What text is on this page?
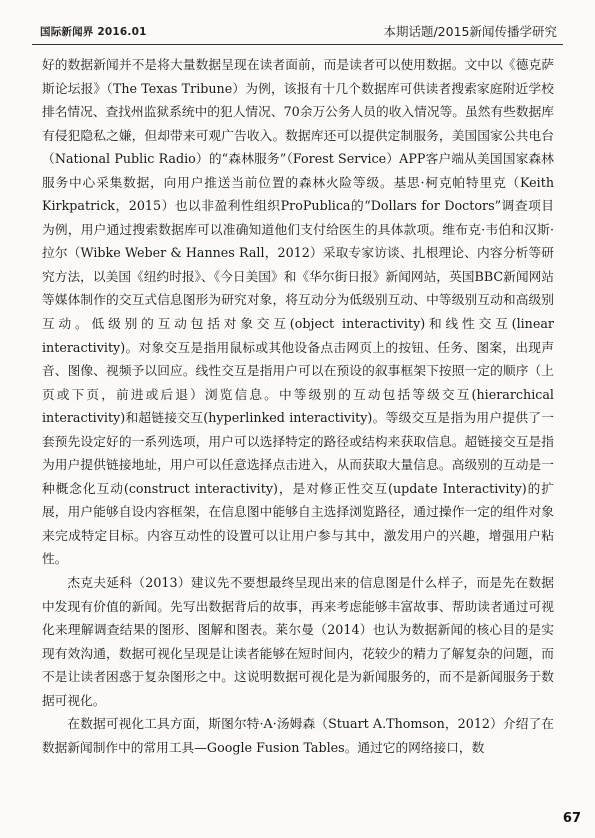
国际新闻界 2016.01	本期话题/2015新闻传播学研究

好的数据新闻并不是将大量数据呈现在读者面前，而是读者可以使用数据。文中以《德克萨斯论坛报》（The Texas Tribune）为例，该报有十几个数据库可供读者搜索家庭附近学校排名情况、查找州监狱系统中的犯人情况、70余万公务人员的收入情况等。虽然有些数据库有侵犯隐私之嫌，但却带来可观广告收入。数据库还可以提供定制服务，美国国家公共电台（National Public Radio）的“森林服务”（Forest Service）APP客户端从美国国家森林服务中心采集数据，向用户推送当前位置的森林火险等级。基思·柯克帕特里克（Keith Kirkpatrick，2015）也以非盈利性组织ProPublica的“Dollars for Doctors”调查项目为例，用户通过搜索数据库可以准确知道他们支付给医生的具体款项。维布克·韦伯和汉斯·拉尔（Wibke Weber & Hannes Rall，2012）采取专家访谈、扎根理论、内容分析等研究方法，以美国《纽约时报》、《今日美国》和《华尔街日报》新闻网站，英国BBC新闻网站等媒体制作的交互式信息图形为研究对象，将互动分为低级别互动、中等级别互动和高级别互动。低级别的互动包括对象交互(object interactivity)和线性交互(linear interactivity)。对象交互是指用鼠标或其他设备点击网页上的按钮、任务、图案，出现声音、图像、视频予以回应。线性交互是指用户可以在预设的叙事框架下按照一定的顺序（上页或下页，前进或后退）浏览信息。中等级别的互动包括等级交互(hierarchical interactivity)和超链接交互(hyperlinked interactivity)。等级交互是指为用户提供了一套预先设定好的一系列选项，用户可以选择特定的路径或结构来获取信息。超链接交互是指为用户提供链接地址，用户可以任意选择点击进入，从而获取大量信息。高级别的互动是一种概念化互动(construct interactivity)，是对修正性交互(update Interactivity)的扩展，用户能够自设内容框架，在信息图中能够自主选择浏览路径，通过操作一定的组件对象来完成特定目标。内容互动性的设置可以让用户参与其中，激发用户的兴趣，增强用户粘性。

杰克夫延科（2013）建议先不要想最终呈现出来的信息图是什么样子，而是先在数据中发现有价值的新闻。先写出数据背后的故事，再来考虑能够丰富故事、帮助读者通过可视化来理解调查结果的图形、图解和图表。莱尔曼（2014）也认为数据新闻的核心目的是实现有效沟通，数据可视化呈现是让读者能够在短时间内，花较少的精力了解复杂的问题，而不是让读者困惑于复杂图形之中。这说明数据可视化是为新闻服务的，而不是新闻服务于数据可视化。

在数据可视化工具方面，斯图尔特·A·汤姆森（Stuart A.Thomson，2012）介绍了在数据新闻制作中的常用工具—Google Fusion Tables。通过它的网络接口，数

67
